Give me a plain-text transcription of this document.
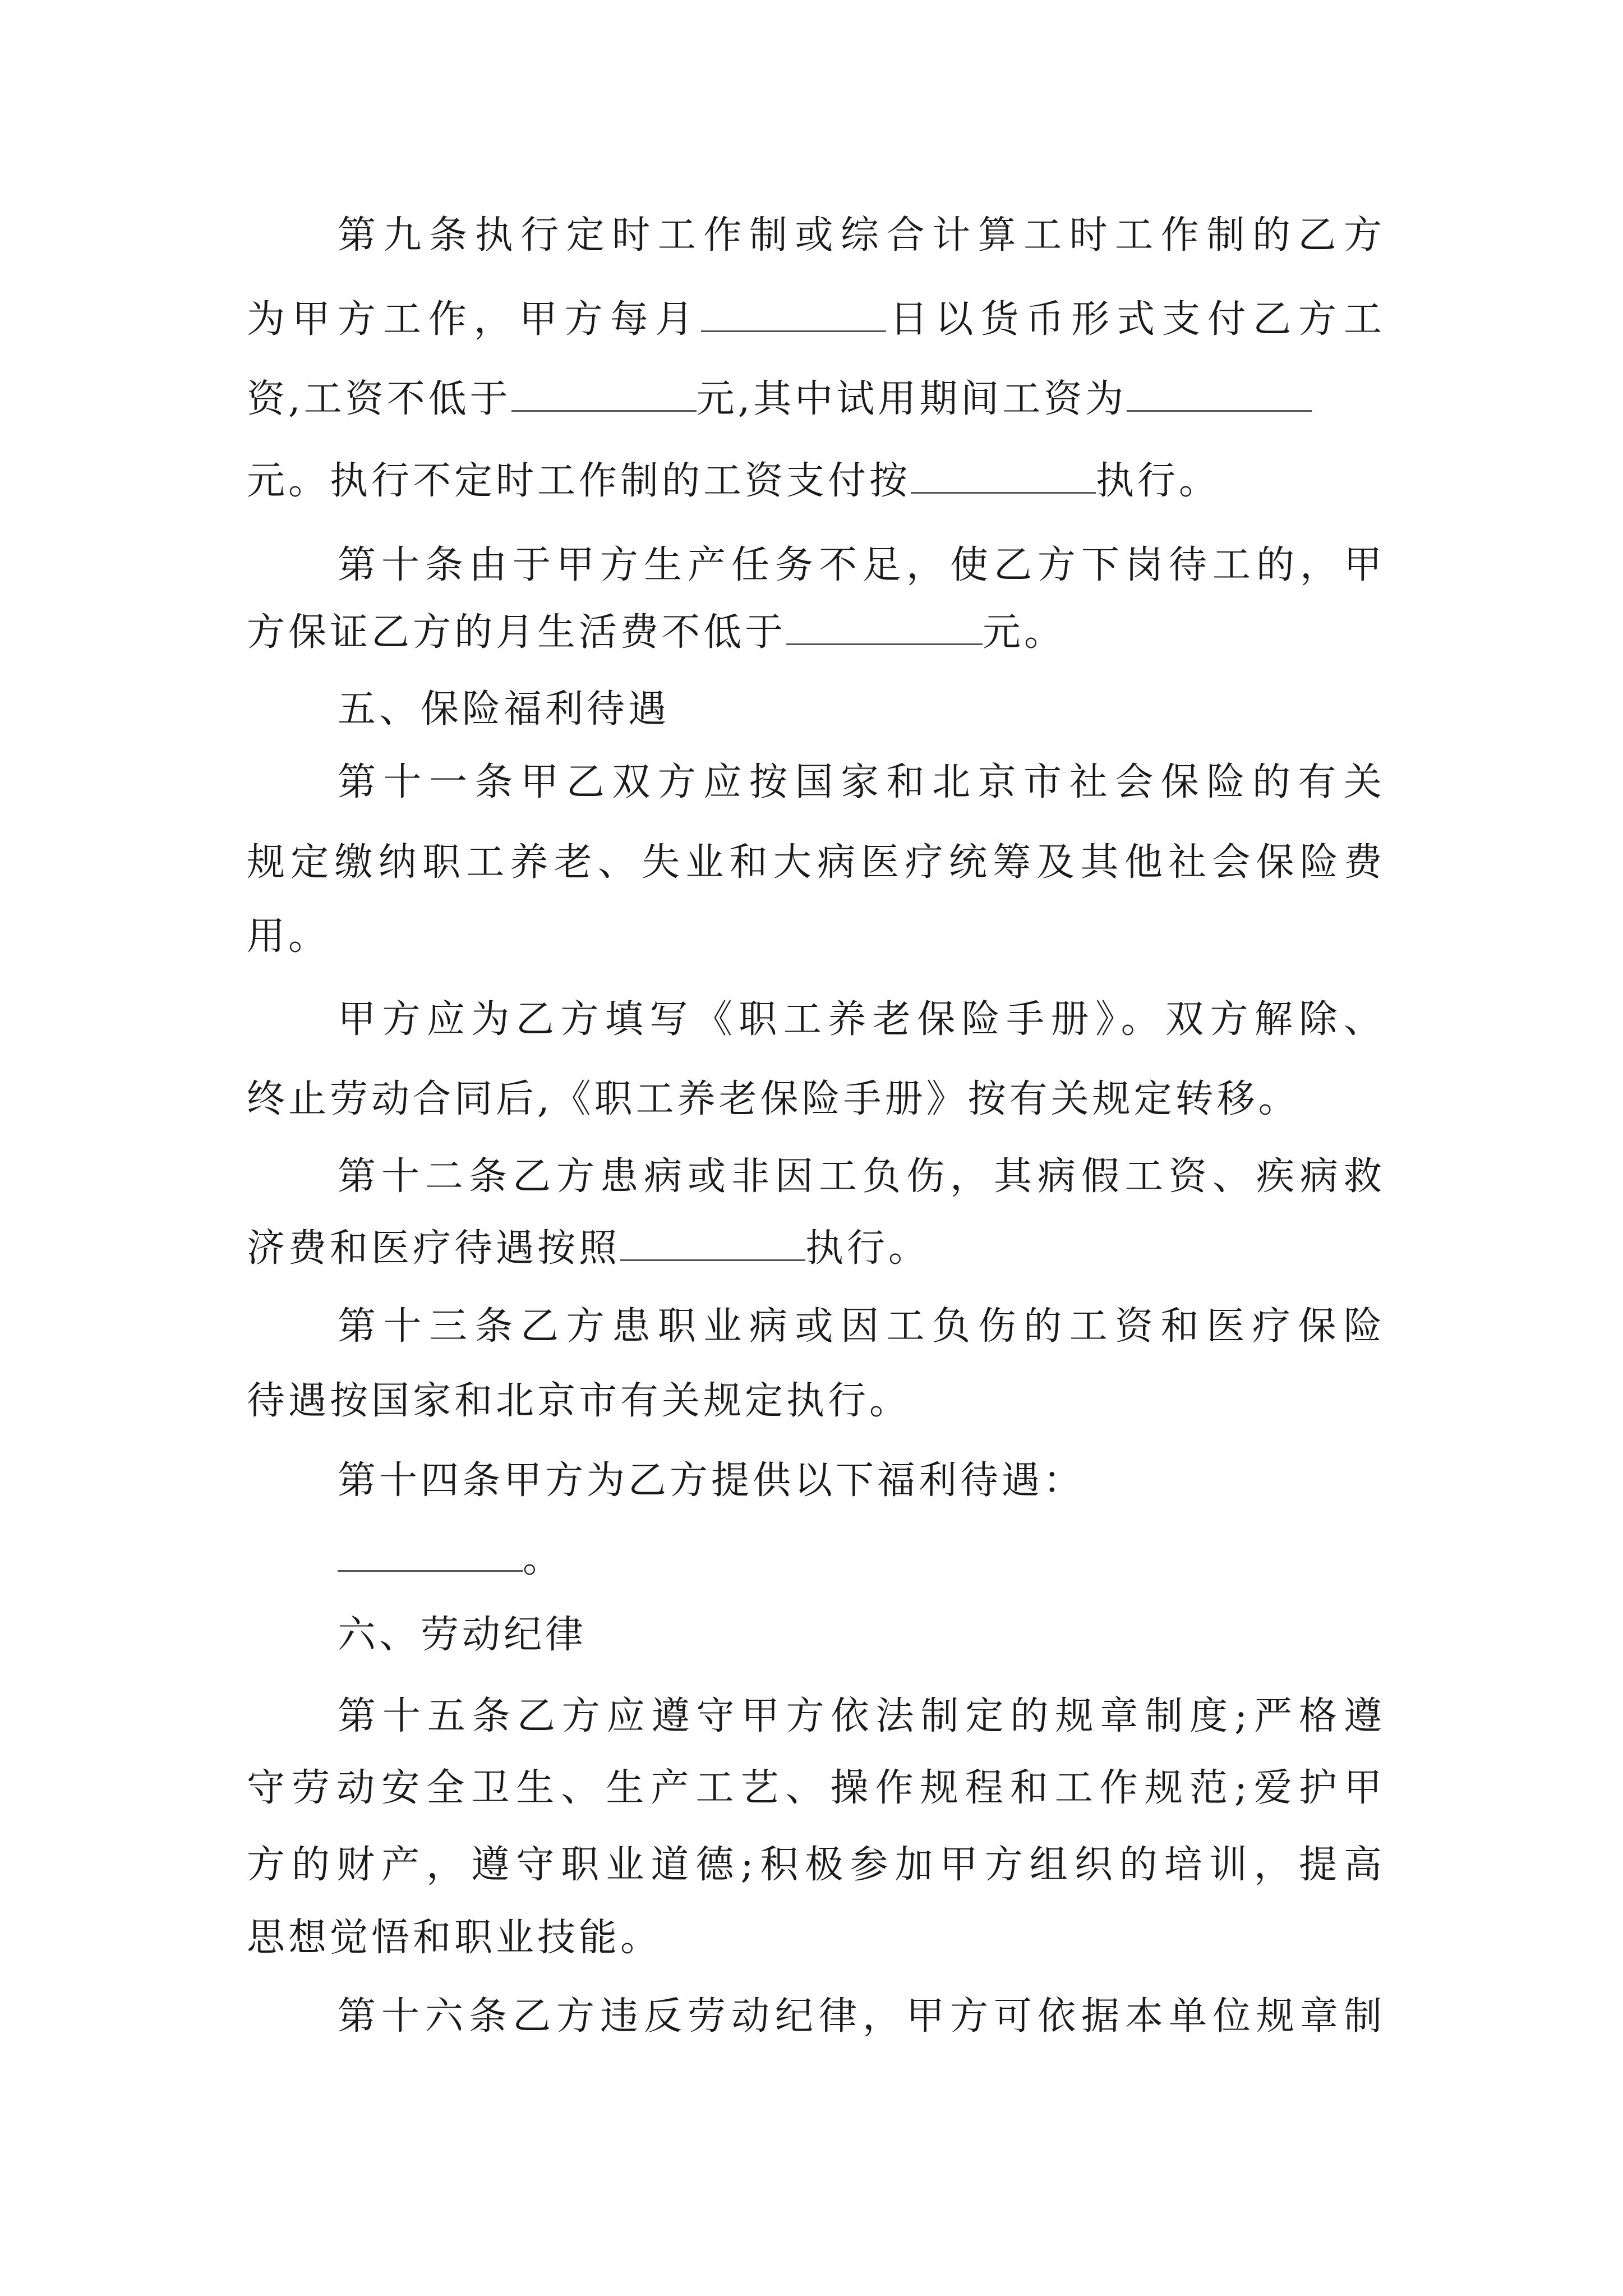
第九条执行定时工作制或综合计算工时工作制的乙方
为甲方工作，甲方每月	日以货币形式支付乙方工
资,工资不低于	元,其中试用期间工资为
元。执行不定时工作制的工资支付按	执行。
第十条由于甲方生产任务不足，使乙方下岗待工的，甲
方保证乙方的月生活费不低于	元。
五、保险福利待遇
第十一条甲乙双方应按国家和北京市社会保险的有关
规定缴纳职工养老、失业和大病医疗统筹及其他社会保险费
用。
甲方应为乙方填写《职工养老保险手册》。双方解除、
终止劳动合同后,《职工养老保险手册》按有关规定转移。
第十二条乙方患病或非因工负伤，其病假工资、疾病救
济费和医疗待遇按照	执行。
第十三条乙方患职业病或因工负伤的工资和医疗保险
待遇按国家和北京市有关规定执行。
第十四条甲方为乙方提供以下福利待遇：
。
六、劳动纪律
第十五条乙方应遵守甲方依法制定的规章制度;严格遵
守劳动安全卫生、生产工艺、操作规程和工作规范;爱护甲
方的财产，遵守职业道德;积极参加甲方组织的培训，提高
思想觉悟和职业技能。
第十六条乙方违反劳动纪律，甲方可依据本单位规章制
